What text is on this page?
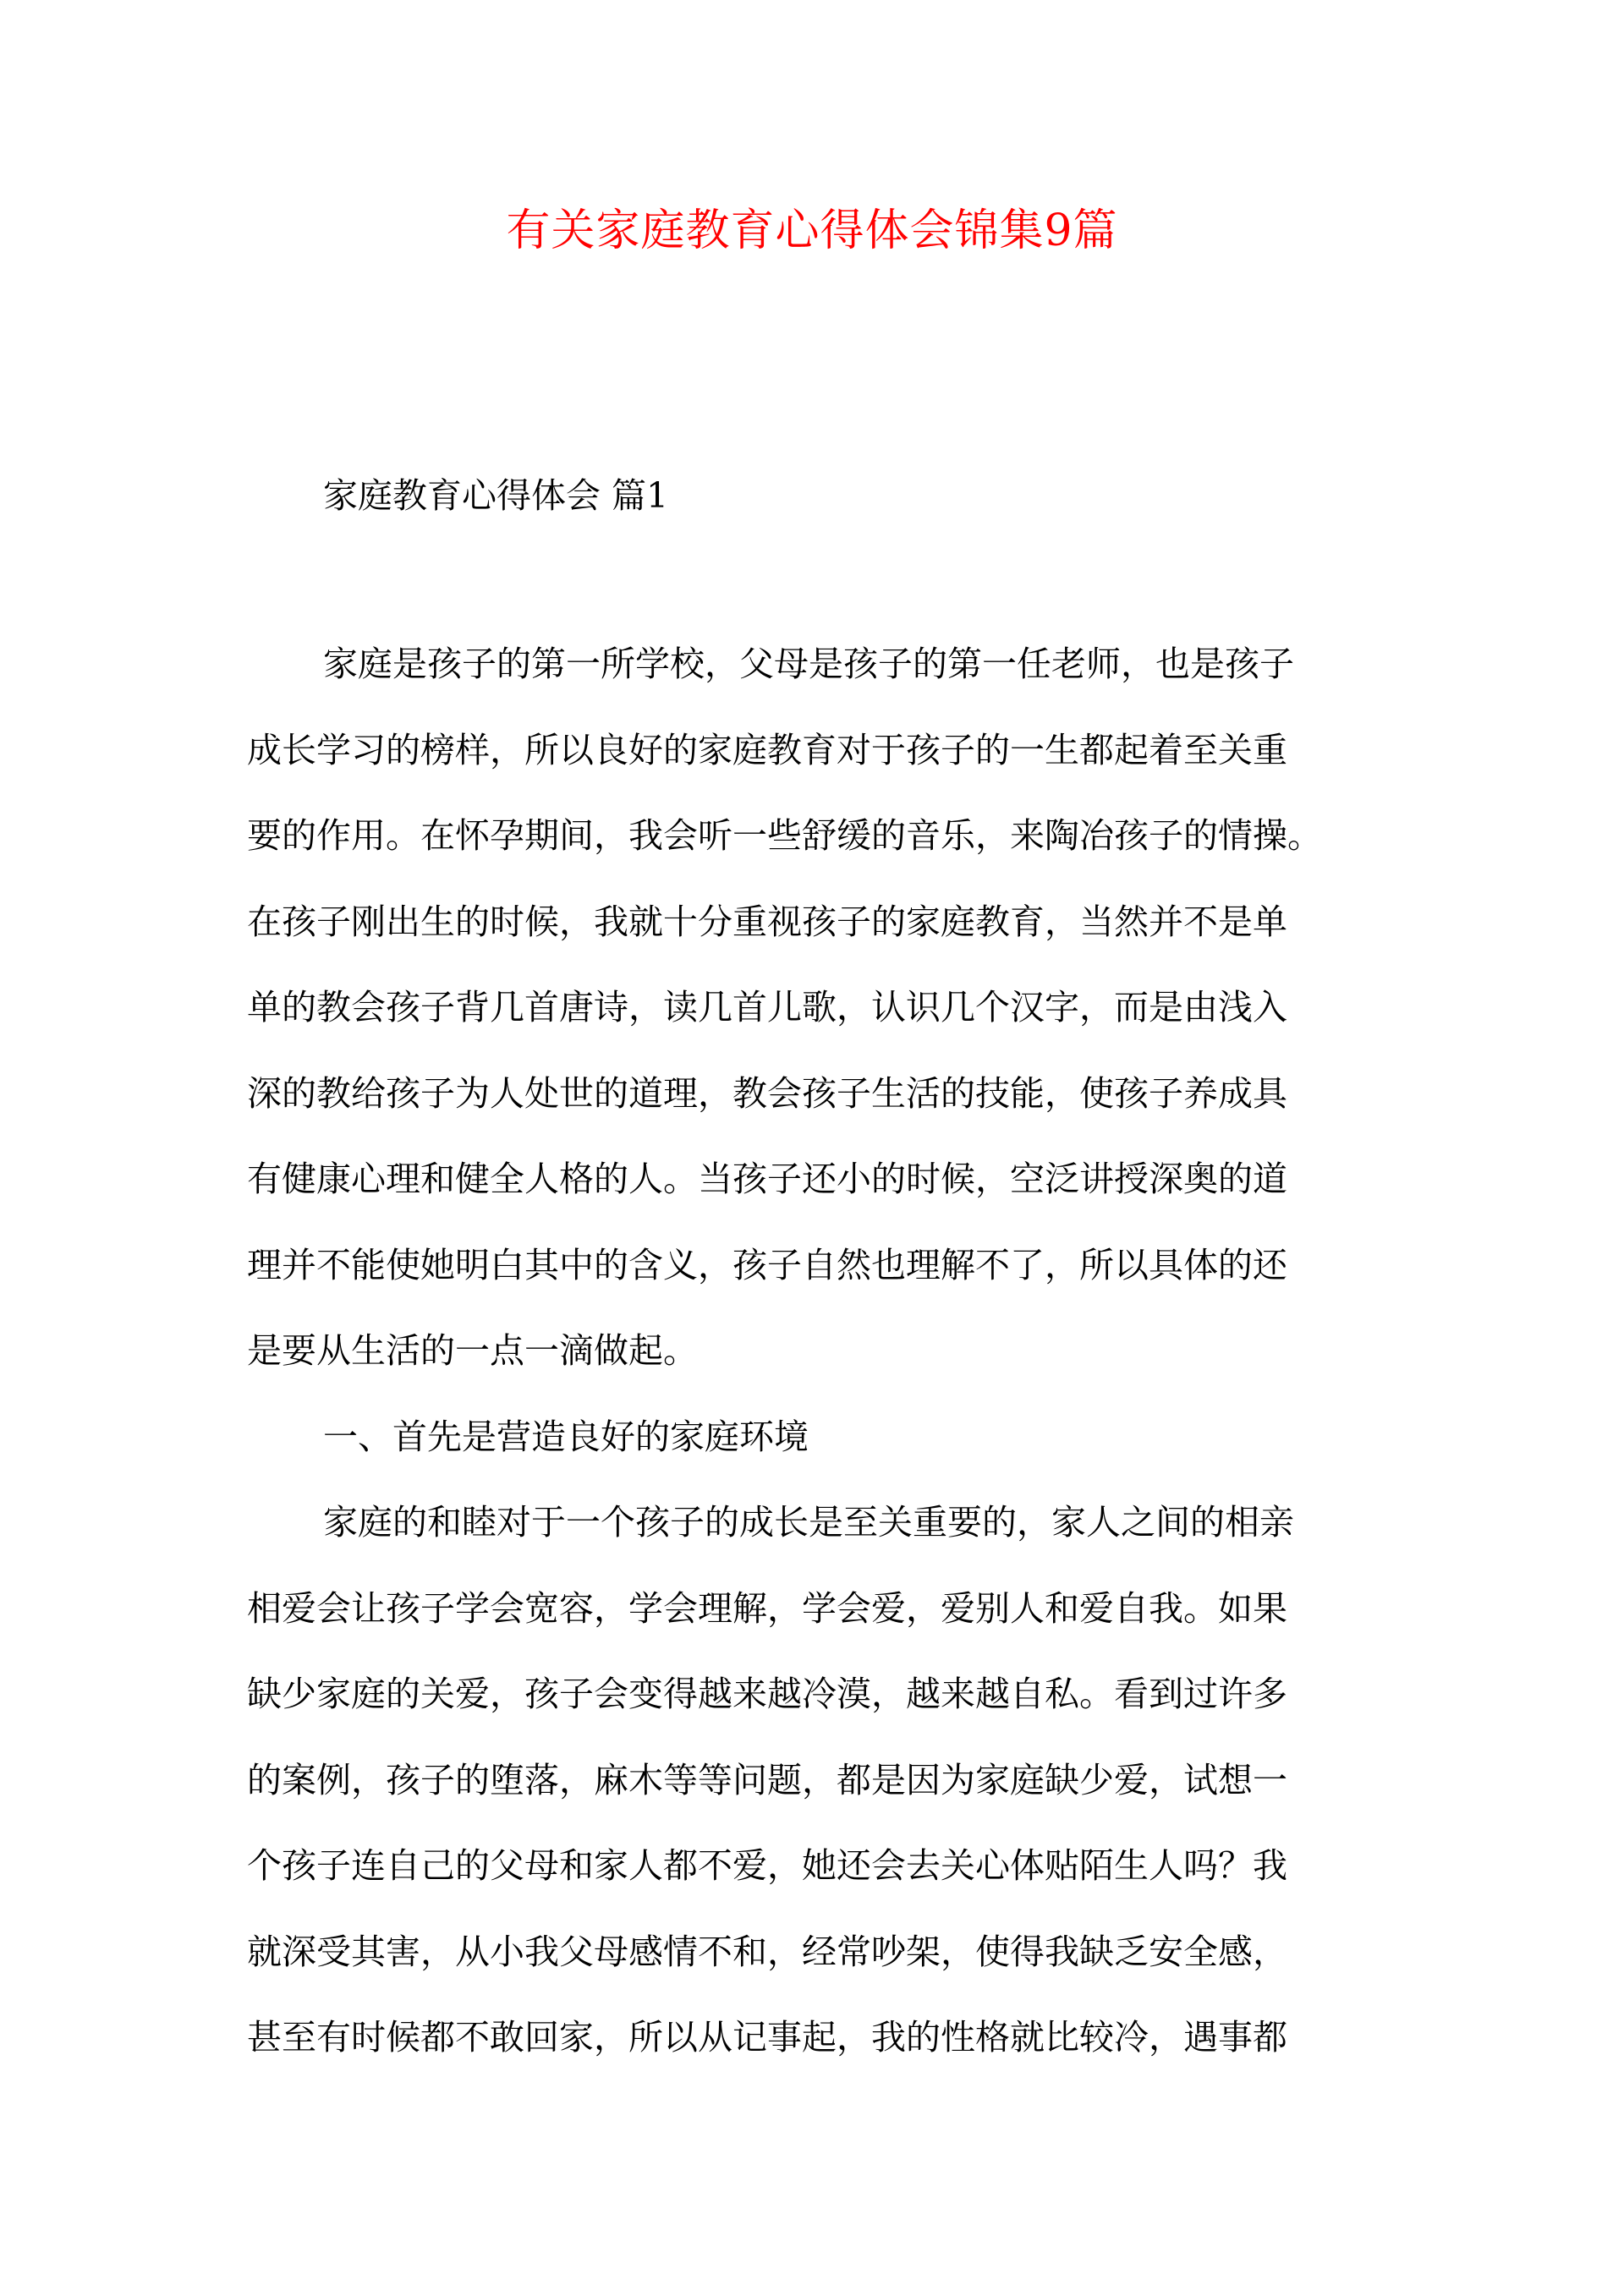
有关家庭教育心得体会锦集9篇
家庭教育心得体会 篇1

家庭是孩子的第一所学校，父母是孩子的第一任老师，也是孩子

成长学习的榜样，所以良好的家庭教育对于孩子的一生都起着至关重

要的作用。在怀孕期间，我会听一些舒缓的音乐，来陶冶孩子的情操。

在孩子刚出生的时候，我就十分重视孩子的家庭教育，当然并不是单

单的教会孩子背几首唐诗，读几首儿歌，认识几个汉字，而是由浅入

深的教给孩子为人处世的道理，教会孩子生活的技能，使孩子养成具

有健康心理和健全人格的人。当孩子还小的时候，空泛讲授深奥的道

理并不能使她明白其中的含义，孩子自然也理解不了，所以具体的还

是要从生活的一点一滴做起。

一、首先是营造良好的家庭环境

家庭的和睦对于一个孩子的成长是至关重要的，家人之间的相亲

相爱会让孩子学会宽容，学会理解，学会爱，爱别人和爱自我。如果

缺少家庭的关爱，孩子会变得越来越冷漠，越来越自私。看到过许多

的案例，孩子的堕落，麻木等等问题，都是因为家庭缺少爱，试想一

个孩子连自己的父母和家人都不爱，她还会去关心体贴陌生人吗？我

就深受其害，从小我父母感情不和，经常吵架，使得我缺乏安全感，

甚至有时候都不敢回家，所以从记事起，我的性格就比较冷，遇事都
